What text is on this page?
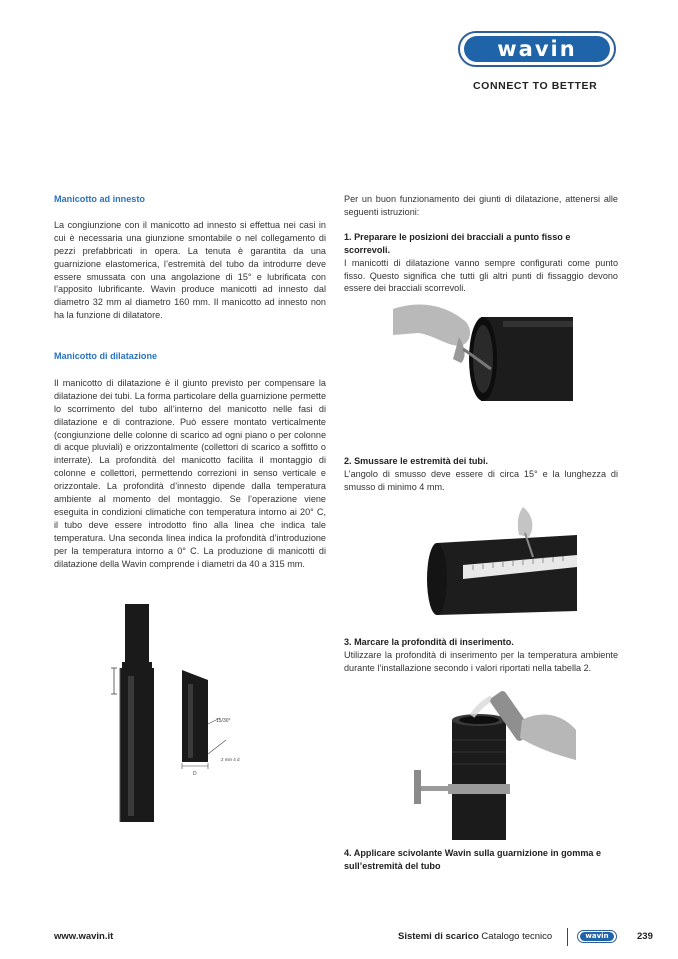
wavin
CONNECT TO BETTER
Manicotto ad innesto

La congiunzione con il manicotto ad innesto si effettua nei casi in cui è necessaria una giunzione smontabile o nel collegamento di pezzi prefabbricati in opera. La tenuta è garantita da una guarnizione elastomerica, l’estremità del tubo da introdurre deve essere smussata con una angolazione di 15° e lubrificata con l’apposito lubrificante. Wavin produce manicotti ad innesto dal diametro 32 mm al diametro 160 mm. Il manicotto ad innesto non ha la funzione di dilatatore.

Manicotto di dilatazione

Il manicotto di dilatazione è il giunto previsto per compensare la dilatazione dei tubi. La forma particolare della guarnizione permette lo scorrimento del tubo all’interno del manicotto nelle fasi di dilatazione e di contrazione. Può essere montato verticalmente (congiunzione delle colonne di scarico ad ogni piano o per colonne di acque pluviali) e orizzontalmente (collettori di scarico a soffitto o interrate). La profondità del manicotto facilita il montaggio di colonne e collettori, permettendo correzioni in senso verticale e orizzontale. La profondità d’innesto dipende dalla temperatura ambiente al momento del montaggio. Se l’operazione viene eseguita in condizioni climatiche con temperatura intorno ai 20° C, il tubo deve essere introdotto fino alla linea che indica tale temperatura. Una seconda linea indica la profondità d’introduzione per la temperatura intorno a 0° C. La produzione di manicotti di dilatazione della Wavin comprende i diametri da 40 a 315 mm.

15/30°
2 min 4 d
D

Per un buon funzionamento dei giunti di dilatazione, attenersi alle seguenti istruzioni:

1. Preparare le posizioni dei bracciali a punto fisso e scorrevoli.

I manicotti di dilatazione vanno sempre configurati come punto fisso. Questo significa che tutti gli altri punti di fissaggio devono essere dei bracciali scorrevoli.

2. Smussare le estremità dei tubi.

L’angolo di smusso deve essere di circa 15° e la lunghezza di smusso di minimo 4 mm.

3. Marcare la profondità di inserimento.

Utilizzare la profondità di inserimento per la temperatura ambiente durante l’installazione secondo i valori riportati nella tabella 2.

4. Applicare scivolante Wavin sulla guarnizione in gomma e sull’estremità del tubo
www.wavin.it	Sistemi di scarico Catalogo tecnico	wavin	239
